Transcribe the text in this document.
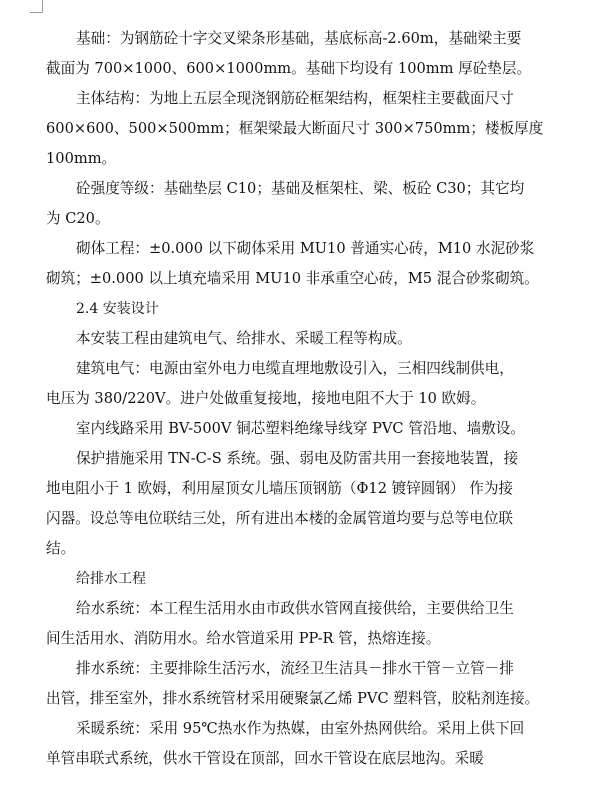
基础：为钢筋砼十字交叉梁条形基础，基底标高-2.60m，基础梁主要
截面为 700×1000、600×1000mm。基础下均设有 100mm 厚砼垫层。
主体结构：为地上五层全现浇钢筋砼框架结构，框架柱主要截面尺寸
600×600、500×500mm；框架梁最大断面尺寸 300×750mm；楼板厚度
100mm。
砼强度等级：基础垫层 C10；基础及框架柱、梁、板砼 C30；其它均
为 C20。
砌体工程：±0.000 以下砌体采用 MU10 普通实心砖，M10 水泥砂浆
砌筑；±0.000 以上填充墙采用 MU10 非承重空心砖，M5 混合砂浆砌筑。
2.4 安装设计
本安装工程由建筑电气、给排水、采暖工程等构成。
建筑电气：电源由室外电力电缆直埋地敷设引入，三相四线制供电，
电压为 380/220V。进户处做重复接地，接地电阻不大于 10 欧姆。
室内线路采用 BV-500V 铜芯塑料绝缘导线穿 PVC 管沿地、墙敷设。
保护措施采用 TN-C-S 系统。强、弱电及防雷共用一套接地装置，接
地电阻小于 1 欧姆，利用屋顶女儿墙压顶钢筋（Φ12 镀锌圆钢） 作为接
闪器。设总等电位联结三处，所有进出本楼的金属管道均要与总等电位联
结。
给排水工程
给水系统：本工程生活用水由市政供水管网直接供给，主要供给卫生
间生活用水、消防用水。给水管道采用 PP-R 管，热熔连接。
排水系统：主要排除生活污水，流经卫生洁具－排水干管－立管－排
出管，排至室外，排水系统管材采用硬聚氯乙烯 PVC 塑料管，胶粘剂连接。
采暖系统：采用 95℃热水作为热媒，由室外热网供给。采用上供下回
单管串联式系统，供水干管设在顶部，回水干管设在底层地沟。采暖
